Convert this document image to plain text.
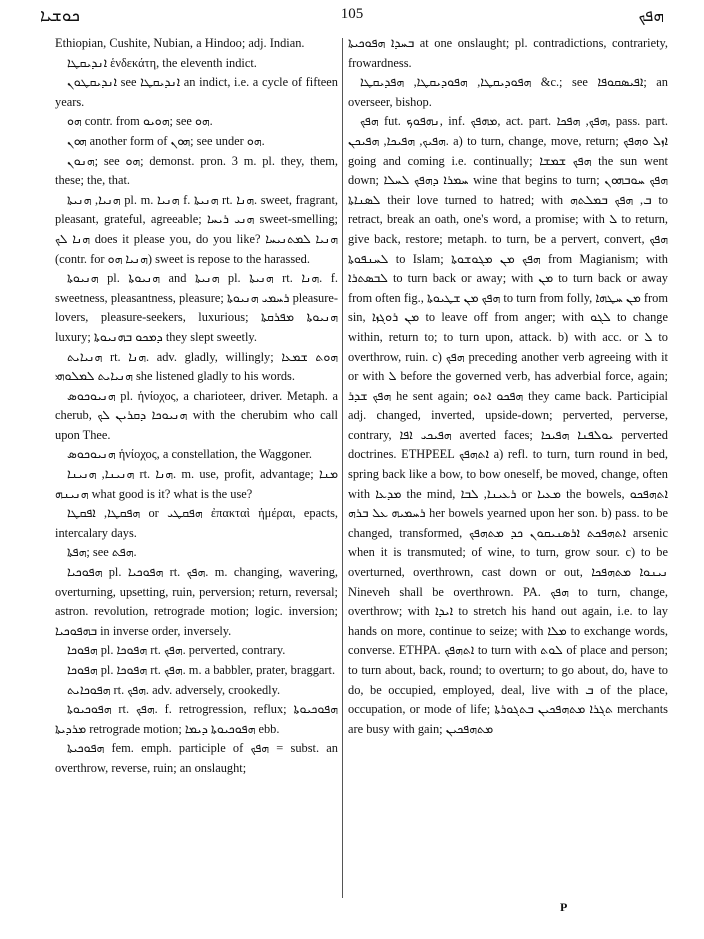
ܟܘܫܝܐ	105	ܗܦܟ

Ethiopian, Cushite, Nubian, a Hindoo; adj. Indian.

ܐܢܕܝܩܛܐ ἑνδεκάτη, the eleventh indict.

ܐܢܕܝܩܛܘܢ see ܐܢܕܝܩܛܐ an indict, i.e. a cycle of fifteen years.

ܗܘ contr. from ܗܘܝܘ; see ܗܘ.

ܗܘܢ another form of ܗܘܢ; see under ܗܘ.

ܗܢܘܢ; see ܗܘ; demonst. pron. 3 m. pl. they, them, these; the, that.

ܗܢܝܐ, ܗܢܝܬܐ pl. m. ܗܢܝܐ f. ܗܢܝܬܐ rt. ܗܢܐ. sweet, fragrant, pleasant, grateful, agreeable; ܗܢܝ ܪܝܚܐ sweet-smelling; ܗܢܐ ܠܟ does it please you, do you like? ܗܢܝܐ ܠܡܬܢܝܚܐ (contr. for ܗܢܝܐ ܗܘ) sweet is repose to the harassed.

ܗܢܝܘܬܐ pl. ܗܢܝܘܬܐ and ܗܢܝܬܐ pl. ܗܢܝܬܐ rt. ܗܢܐ. f. sweetness, pleasantness, pleasure; ܪܚܡܝ ܗܢܝܘܬܐ pleasure-lovers, pleasure-seekers, luxurious; ܗܢܝܘܬܐ ܡܦܪܩܬܐ luxury; ܕܡܟܘ ܒܗܢܝܘܬܐ they slept sweetly.

ܗܢܝܐܝܬ rt. ܗܢܐ. adv. gladly, willingly; ܗܘܬ ܫܡܥܐ ܗܢܝܐܝܬ ܠܡܠܘܗܝ she listened gladly to his words.

ܗܢܝܘܟܘܣ pl. ἡνίοχος, a charioteer, driver. Metaph. a cherub, ܗܢܝܘܟܐ ܕܩܪܝܢ ܠܟ with the cherubim who call upon Thee.

ܗܢܝܘܟܘܣ ἡνίοχος, a constellation, the Waggoner.

ܗܢܝܢܐ, ܗܢܝܢܐ rt. ܗܢܐ. m. use, profit, advantage; ܡܢܐ ܗܢܝܢܗ what good is it? what is the use?

ܗܦܩܛܐ, ܐܦܩܛܐ or ܗܦܩܛܝ ἐπακταὶ ἡμέραι, epacts, intercalary days.

ܗܦܬܐ; see ܗܦܬ.

ܗܦܘܟܝܐ pl. ܗܦܘܟܝܐ rt. ܗܦܟ. m. changing, wavering, overturning, upsetting, ruin, perversion; return, reversal; astron. revolution, retrograde motion; logic. inversion; ܒܗܦܘܟܝܐ in inverse order, inversely.

ܗܦܘܟܐ pl. ܗܦܘܟܐ rt. ܗܦܟ. perverted, contrary.

ܗܦܘܟܐ pl. ܗܦܘܟܐ rt. ܗܦܟ. m. a babbler, prater, braggart.

ܗܦܘܟܐܝܬ rt. ܗܦܟ. adv. adversely, crookedly.

ܗܦܘܟܝܘܬܐ rt. ܗܦܟ. f. retrogression, reflux; ܗܦܘܟܝܘܬܐ ܡܪܕܝܬܐ retrograde motion; ܗܦܘܟܝܘܬܐ ܕܝܡܐ ebb.

ܗܦܘܟܝܬܐ fem. emph. participle of ܗܦܟ = subst. an overthrow, reverse, ruin; an onslaught;

ܒܚܕܐ ܗܦܘܟܝܬܐ at one onslaught; pl. contradictions, contrariety, frowardness.

ܗܦܘܕܝܩܛܐ, ܗܦܘܕܝܩܛܐ, ܗܦܕܝܩܛܐ &c.; see ܐܦܝܣܩܘܦܐ; an overseer, bishop.

ܗܦܟ fut. ܢܗܦܘܟ, inf. ܡܗܦܟ, act. part. ܗܦܟ, ܗܦܟܐ, pass. part. ܗܦܝܟ, ܗܦܝܟܐ, ܗܦܝܟܢ. a) to turn, change, move, return; ܐܙܠ ܘܗܦܟ going and coming i.e. continually; ܗܦܟ ܫܡܫܐ the sun went down; ܚܡܪܐ ܕܗܦܟ ܠܚܠܐ wine that begins to turn; ܗܦܟ ܚܘܒܗܘܢ ܠܣܢܐܬܐ their love turned to hatred; with ܒ, ܗܦܟ ܒܡܠܬܗ to retract, break an oath, one's word, a promise; with ܠ to return, give back, restore; metaph. to turn, be a pervert, convert, ܗܦܟ ܠܚܢܦܘܬܐ to Islam; ܗܦܟ ܡܢ ܡܓܘܫܘܬܐ from Magianism; with ܠܒܣܬܪܐ to turn back or away; with ܡܢ to turn back or away from often fig., ܗܦܟ ܡܢ ܫܛܝܘܬܐ to turn from folly, ܡܢ ܚܛܗܐ from sin, ܡܢ ܪܘܓܙܐ to leave off from anger; with ܠܓܘ to change within, return to; to turn upon, attack. b) with acc. or ܠ to overthrow, ruin. c) ܗܦܟ preceding another verb agreeing with it or with ܠ before the governed verb, has adverbial force, again; ܗܦܟ ܫܕܪ he sent again; ܗܦܟܘ ܐܬܘ they came back. Participial adj. changed, inverted, upside-down; perverted, perverse, contrary, ܗܦܝܟܝ ܐܦܐ averted faces; ܝܘܠܦܢܐ ܗܦܝܟܐ perverted doctrines. ETHPEEL ܐܬܗܦܟ a) refl. to turn, turn round in bed, spring back like a bow, to bow oneself, be moved, change, often with ܡܕܥܐ the mind, ܪܥܝܢܐ, ܠܒܐ or ܡܥܝܐ the bowels, ܐܬܗܦܟܘ ܪܚܡܝܗ ܥܠ ܒܪܗ her bowels yearned upon her son. b) pass. to be changed, transformed, ܐܬܗܦܟܬ ܐܪܣܢܝܩܘܢ ܟܕ ܡܬܗܦܟ arsenic when it is transmuted; of wine, to turn, grow sour. c) to be overturned, overthrown, cast down or out, ܢܝܢܘܐ ܡܬܗܦܟܐ Nineveh shall be overthrown. PA. ܗܦܟ to turn, change, overthrow; with ܐܝܕܐ to stretch his hand out again, i.e. to lay hands on more, continue to seize; with ܡܠܐ to exchange words, converse. ETHPA. ܐܬܗܦܟ to turn with ܠܘܬ of place and person; to turn about, back, round; to overturn; to go about, do, have to do, be occupied, employed, deal, live with ܒ of the place, occupation, or mode of life; ܬܓܪܐ ܡܬܗܦܟܝܢ ܒܬܓܘܪܬܐ merchants are busy with gain; ܡܬܗܦܟܝܢ

P
